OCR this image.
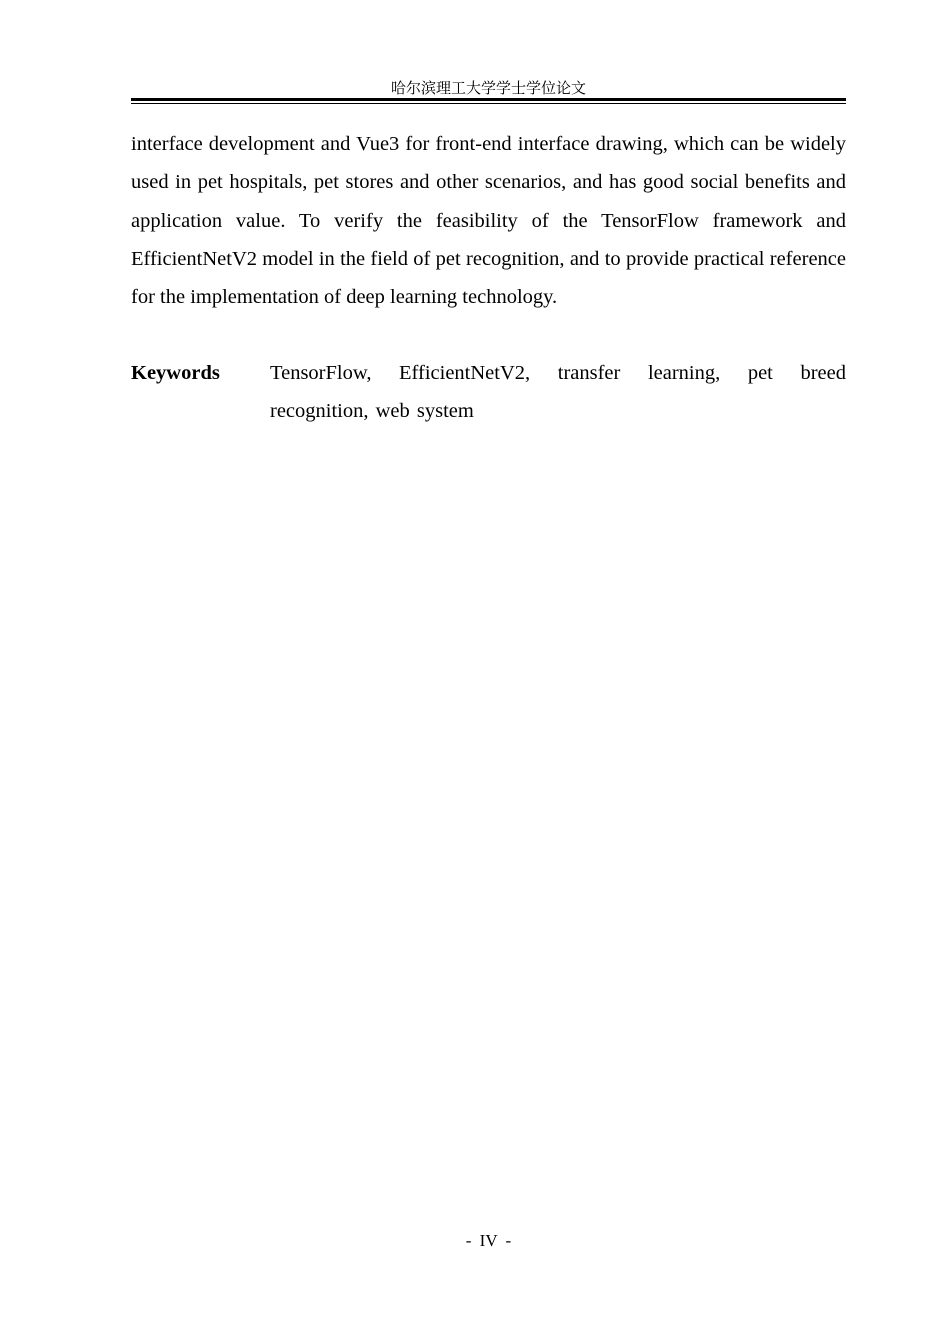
哈尔滨理工大学学士学位论文

interface development and Vue3 for front-end interface drawing, which can be widely used in pet hospitals, pet stores and other scenarios, and has good social benefits and application value. To verify the feasibility of the TensorFlow framework and EfficientNetV2 model in the field of pet recognition, and to provide practical reference for the implementation of deep learning technology.

Keywords TensorFlow, EfficientNetV2, transfer learning, pet breed recognition, web system

- IV -
